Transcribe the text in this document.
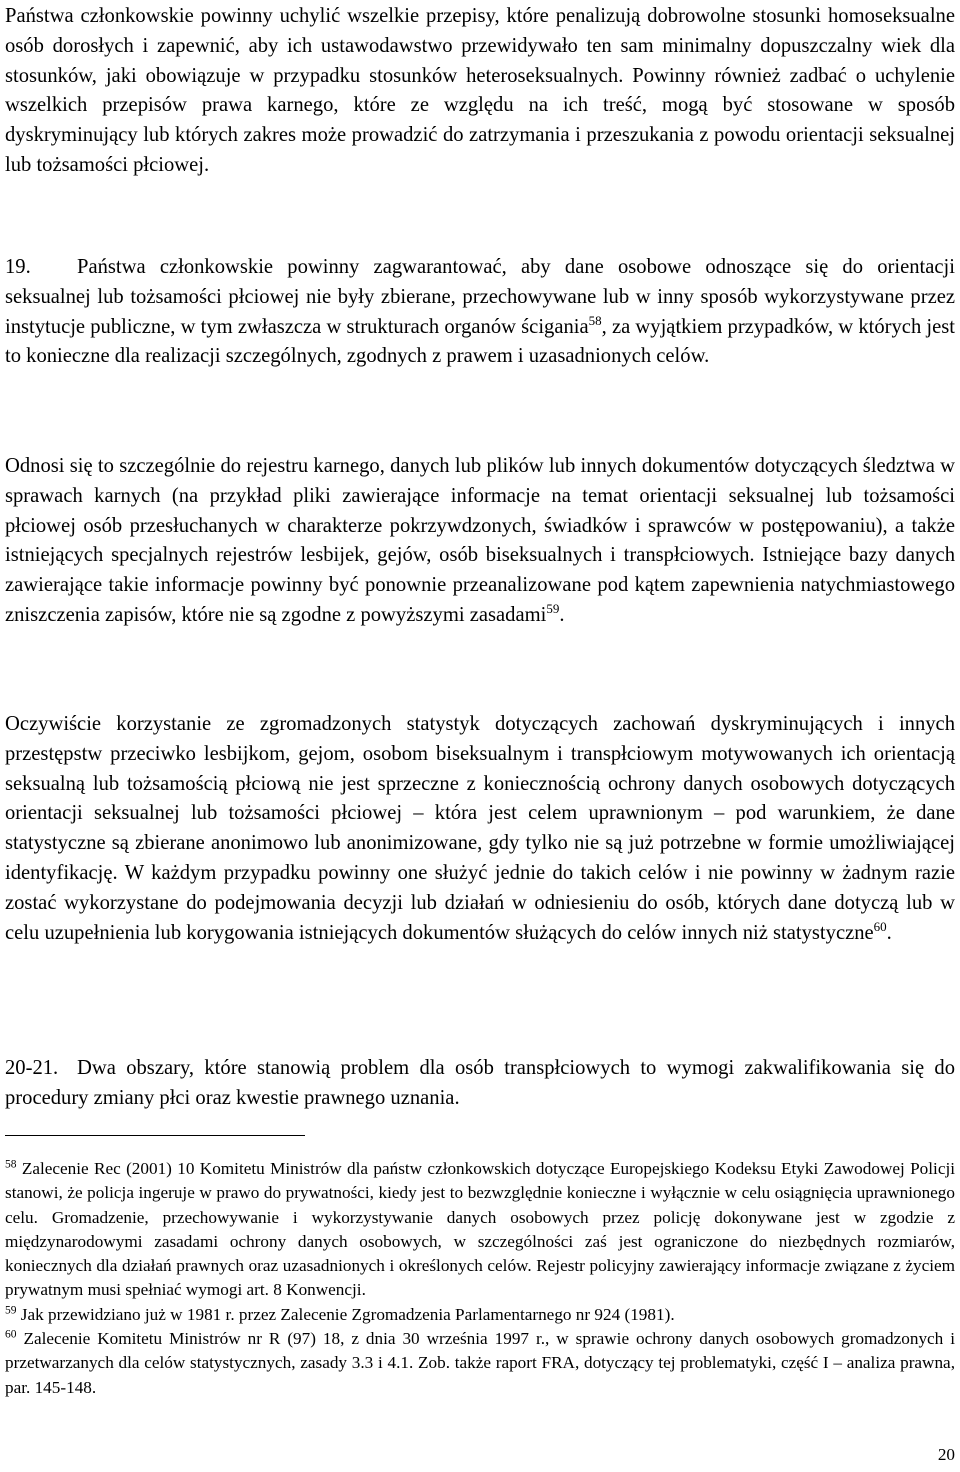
Państwa członkowskie powinny uchylić wszelkie przepisy, które penalizują dobrowolne stosunki homoseksualne osób dorosłych i zapewnić, aby ich ustawodawstwo przewidywało ten sam minimalny dopuszczalny wiek dla stosunków, jaki obowiązuje w przypadku stosunków heteroseksualnych. Powinny również zadbać o uchylenie wszelkich przepisów prawa karnego, które ze względu na ich treść, mogą być stosowane w sposób dyskryminujący lub których zakres może prowadzić do zatrzymania i przeszukania z powodu orientacji seksualnej lub tożsamości płciowej.

19. Państwa członkowskie powinny zagwarantować, aby dane osobowe odnoszące się do orientacji seksualnej lub tożsamości płciowej nie były zbierane, przechowywane lub w inny sposób wykorzystywane przez instytucje publiczne, w tym zwłaszcza w strukturach organów ścigania$^{58}$, za wyjątkiem przypadków, w których jest to konieczne dla realizacji szczególnych, zgodnych z prawem i uzasadnionych celów.

Odnosi się to szczególnie do rejestru karnego, danych lub plików lub innych dokumentów dotyczących śledztwa w sprawach karnych (na przykład pliki zawierające informacje na temat orientacji seksualnej lub tożsamości płciowej osób przesłuchanych w charakterze pokrzywdzonych, świadków i sprawców w postępowaniu), a także istniejących specjalnych rejestrów lesbijek, gejów, osób biseksualnych i transpłciowych. Istniejące bazy danych zawierające takie informacje powinny być ponownie przeanalizowane pod kątem zapewnienia natychmiastowego zniszczenia zapisów, które nie są zgodne z powyższymi zasadami$^{59}$.

Oczywiście korzystanie ze zgromadzonych statystyk dotyczących zachowań dyskryminujących i innych przestępstw przeciwko lesbijkom, gejom, osobom biseksualnym i transpłciowym motywowanych ich orientacją seksualną lub tożsamością płciową nie jest sprzeczne z koniecznością ochrony danych osobowych dotyczących orientacji seksualnej lub tożsamości płciowej – która jest celem uprawnionym – pod warunkiem, że dane statystyczne są zbierane anonimowo lub anonimizowane, gdy tylko nie są już potrzebne w formie umożliwiającej identyfikację. W każdym przypadku powinny one służyć jednie do takich celów i nie powinny w żadnym razie zostać wykorzystane do podejmowania decyzji lub działań w odniesieniu do osób, których dane dotyczą lub w celu uzupełnienia lub korygowania istniejących dokumentów służących do celów innych niż statystyczne$^{60}$.

20-21. Dwa obszary, które stanowią problem dla osób transpłciowych to wymogi zakwalifikowania się do procedury zmiany płci oraz kwestie prawnego uznania.

$^{58}$ Zalecenie Rec (2001) 10 Komitetu Ministrów dla państw członkowskich dotyczące Europejskiego Kodeksu Etyki Zawodowej Policji stanowi, że policja ingeruje w prawo do prywatności, kiedy jest to bezwzględnie konieczne i wyłącznie w celu osiągnięcia uprawnionego celu. Gromadzenie, przechowywanie i wykorzystywanie danych osobowych przez policję dokonywane jest w zgodzie z międzynarodowymi zasadami ochrony danych osobowych, w szczególności zaś jest ograniczone do niezbędnych rozmiarów, koniecznych dla działań prawnych oraz uzasadnionych i określonych celów. Rejestr policyjny zawierający informacje związane z życiem prywatnym musi spełniać wymogi art. 8 Konwencji.

$^{59}$ Jak przewidziano już w 1981 r. przez Zalecenie Zgromadzenia Parlamentarnego nr 924 (1981).

$^{60}$ Zalecenie Komitetu Ministrów nr R (97) 18, z dnia 30 września 1997 r., w sprawie ochrony danych osobowych gromadzonych i przetwarzanych dla celów statystycznych, zasady 3.3 i 4.1. Zob. także raport FRA, dotyczący tej problematyki, część I – analiza prawna, par. 145-148.

20
